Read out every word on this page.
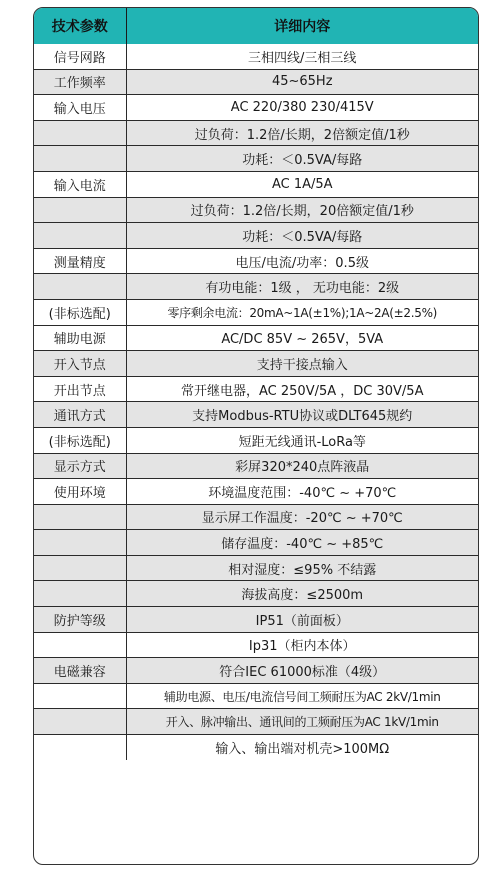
技术参数	详细内容
信号网路	三相四线/三相三线
工作频率	45~65Hz
输入电压	AC 220/380 230/415V
	过负荷：1.2倍/长期，2倍额定值/1秒
	功耗：＜0.5VA/每路
输入电流	AC 1A/5A
	过负荷：1.2倍/长期，20倍额定值/1秒
	功耗：＜0.5VA/每路
测量精度	电压/电流/功率：0.5级
	有功电能：1级 ， 无功电能：2级
(非标选配)	零序剩余电流：20mA~1A(±1%);1A~2A(±2.5%)
辅助电源	AC/DC 85V ~ 265V，5VA
开入节点	支持干接点输入
开出节点	常开继电器，AC 250V/5A ，DC 30V/5A
通讯方式	支持Modbus-RTU协议或DLT645规约
(非标选配)	短距无线通讯-LoRa等
显示方式	彩屏320*240点阵液晶
使用环境	环境温度范围：-40℃ ~ +70℃
	显示屏工作温度：-20℃ ~ +70℃
	储存温度：-40℃ ~ +85℃
	相对湿度：≤95% 不结露
	海拔高度：≤2500m
防护等级	IP51（前面板）
	Ip31（柜内本体）
电磁兼容	符合IEC 61000标准（4级）
	辅助电源、电压/电流信号间工频耐压为AC 2kV/1min
	开入、脉冲输出、通讯间的工频耐压为AC 1kV/1min
	输入、输出端对机壳>100MΩ
